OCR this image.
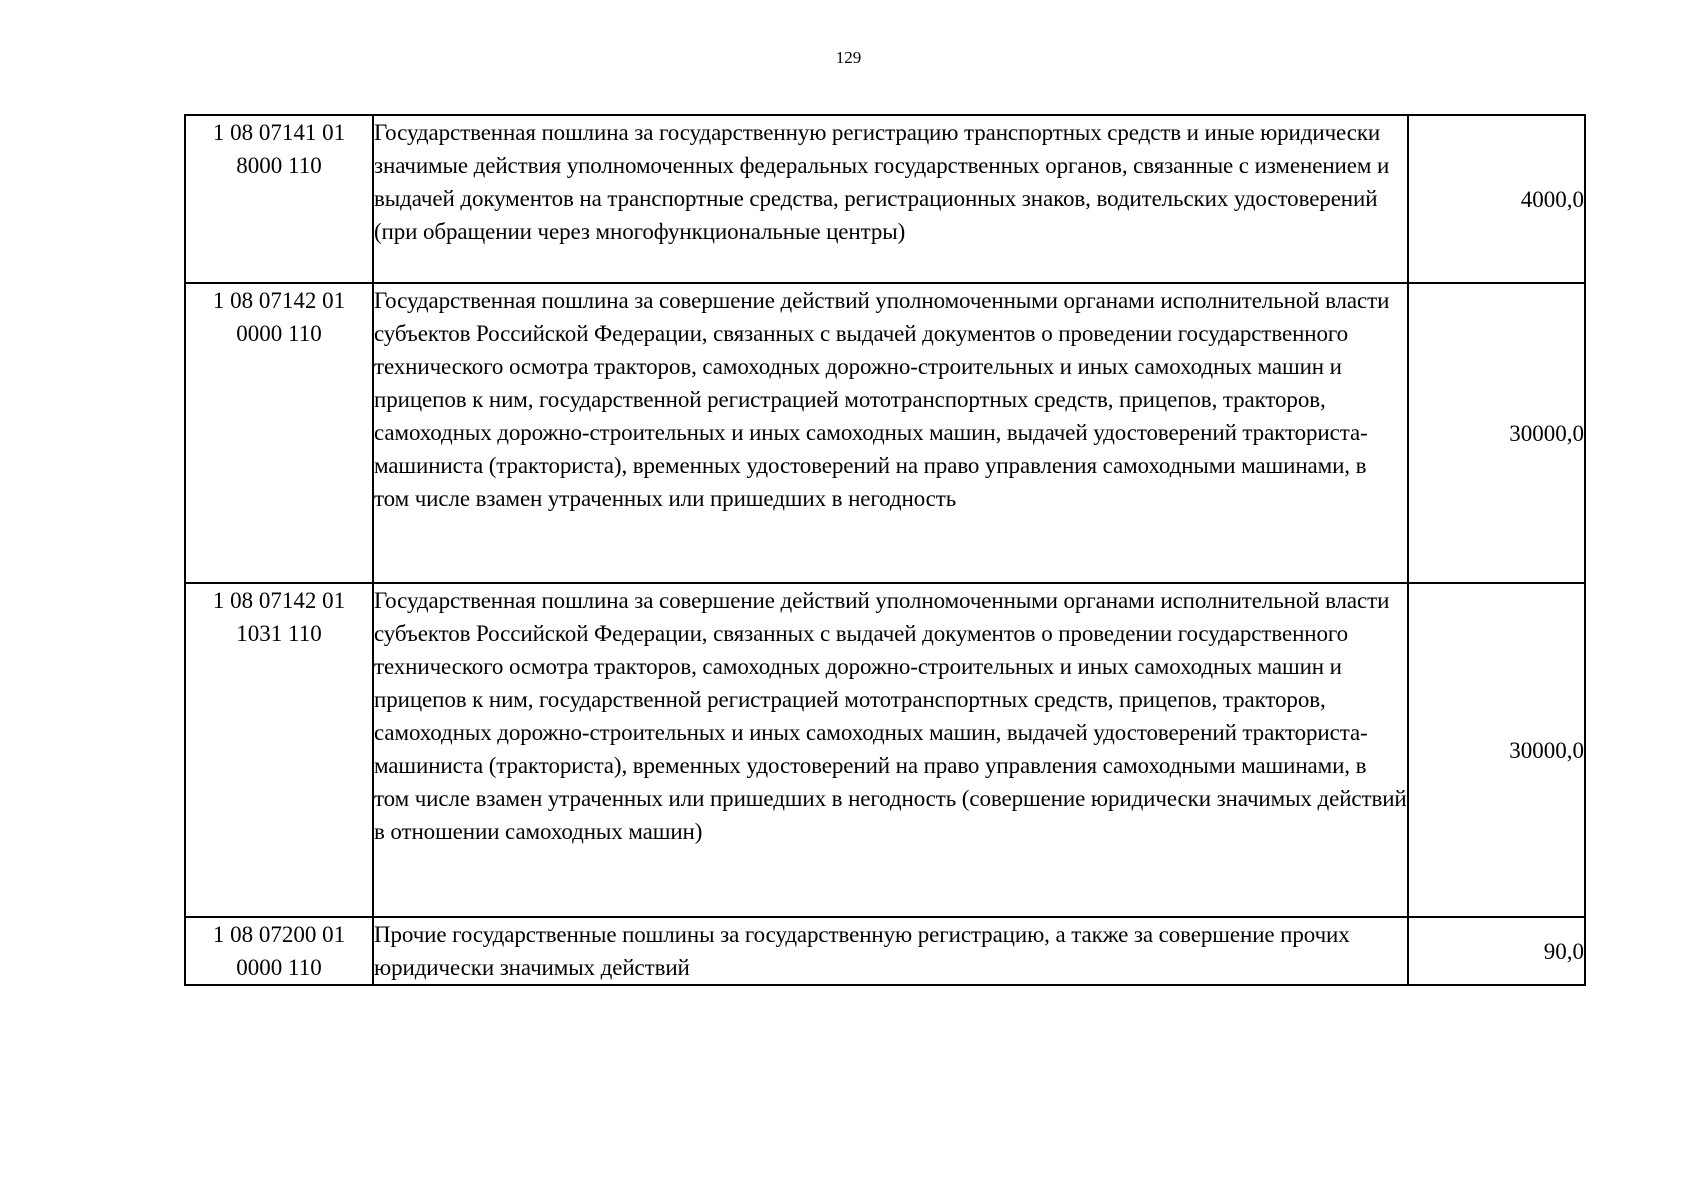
129
1 08 07141 01
8000 110	Государственная пошлина за государственную регистрацию транспортных средств и иные юридически значимые действия уполномоченных федеральных государственных органов, связанные с изменением и выдачей документов на транспортные средства, регистрационных знаков, водительских удостоверений (при обращении через многофункциональные центры)	4000,0

1 08 07142 01
0000 110	Государственная пошлина за совершение действий уполномоченными органами исполнительной власти субъектов Российской Федерации, связанных с выдачей документов о проведении государственного технического осмотра тракторов, самоходных дорожно-строительных и иных самоходных машин и прицепов к ним, государственной регистрацией мототранспортных средств, прицепов, тракторов, самоходных дорожно-строительных и иных самоходных машин, выдачей удостоверений тракториста-машиниста (тракториста), временных удостоверений на право управления самоходными машинами, в том числе взамен утраченных или пришедших в негодность	30000,0

1 08 07142 01
1031 110	Государственная пошлина за совершение действий уполномоченными органами исполнительной власти субъектов Российской Федерации, связанных с выдачей документов о проведении государственного технического осмотра тракторов, самоходных дорожно-строительных и иных самоходных машин и прицепов к ним, государственной регистрацией мототранспортных средств, прицепов, тракторов, самоходных дорожно-строительных и иных самоходных машин, выдачей удостоверений тракториста-машиниста (тракториста), временных удостоверений на право управления самоходными машинами, в том числе взамен утраченных или пришедших в негодность (совершение юридически значимых действий в отношении самоходных машин)	30000,0

1 08 07200 01
0000 110	Прочие государственные пошлины за государственную регистрацию, а также за совершение прочих юридически значимых действий	90,0
